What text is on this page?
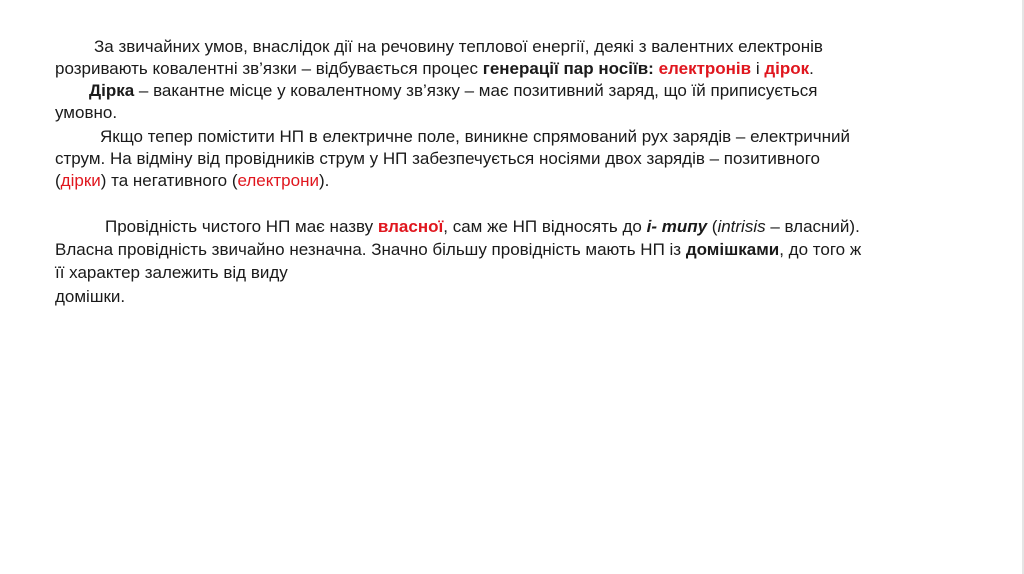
За звичайних умов, внаслідок дії на речовину теплової енергії, деякі з валентних електронів
розривають ковалентні зв’язки – відбувається процес генерації пар носіїв: електронів і дірок.
Дірка – вакантне місце у ковалентному зв’язку – має позитивний заряд, що їй приписується
умовно.
Якщо тепер помістити НП в електричне поле, виникне спрямований рух зарядів – електричний
струм. На відміну від провідників струм у НП забезпечується носіями двох зарядів – позитивного
(дірки) та негативного (електрони).
Провідність чистого НП має назву власної, сам же НП відносять до і- типу (intrisis – власний).
Власна провідність звичайно незначна. Значно більшу провідність мають НП із домішками, до того ж
її характер залежить від виду
домішки.
